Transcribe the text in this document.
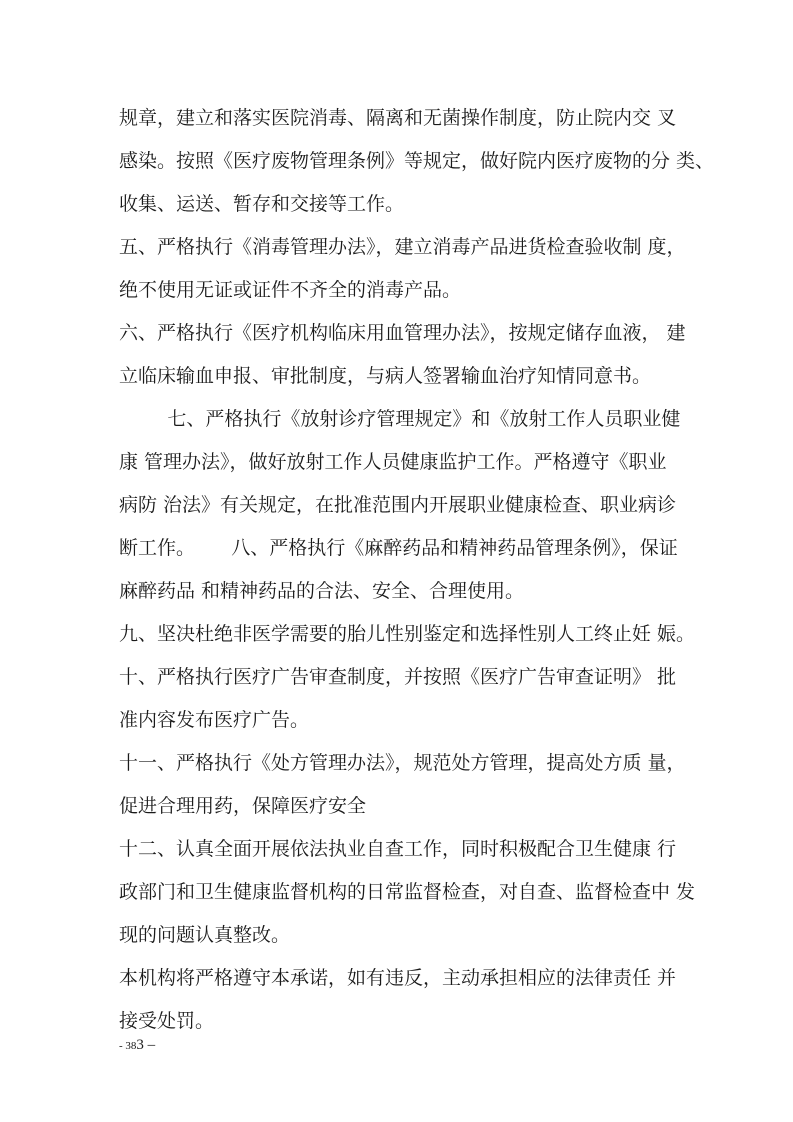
规章，建立和落实医院消毒、隔离和无菌操作制度，防止院内交 叉

感染。按照《医疗废物管理条例》等规定，做好院内医疗废物的分 类、

收集、运送、暂存和交接等工作。

五、严格执行《消毒管理办法》，建立消毒产品进货检查验收制 度，

绝不使用无证或证件不齐全的消毒产品。

六、严格执行《医疗机构临床用血管理办法》，按规定储存血液， 建

立临床输血申报、审批制度，与病人签署输血治疗知情同意书。

七、严格执行《放射诊疗管理规定》和《放射工作人员职业健

康 管理办法》，做好放射工作人员健康监护工作。严格遵守《职业

病防 治法》有关规定，在批准范围内开展职业健康检查、职业病诊

断工作。      八、严格执行《麻醉药品和精神药品管理条例》，保证

麻醉药品 和精神药品的合法、安全、合理使用。

九、坚决杜绝非医学需要的胎儿性别鉴定和选择性别人工终止妊 娠。

十、严格执行医疗广告审查制度，并按照《医疗广告审查证明》 批

准内容发布医疗广告。

十一、严格执行《处方管理办法》，规范处方管理，提高处方质 量，

促进合理用药，保障医疗安全

十二、认真全面开展依法执业自查工作，同时积极配合卫生健康 行

政部门和卫生健康监督机构的日常监督检查，对自查、监督检查中 发

现的问题认真整改。

本机构将严格遵守本承诺，如有违反，主动承担相应的法律责任 并

接受处罚。

- 383 –
